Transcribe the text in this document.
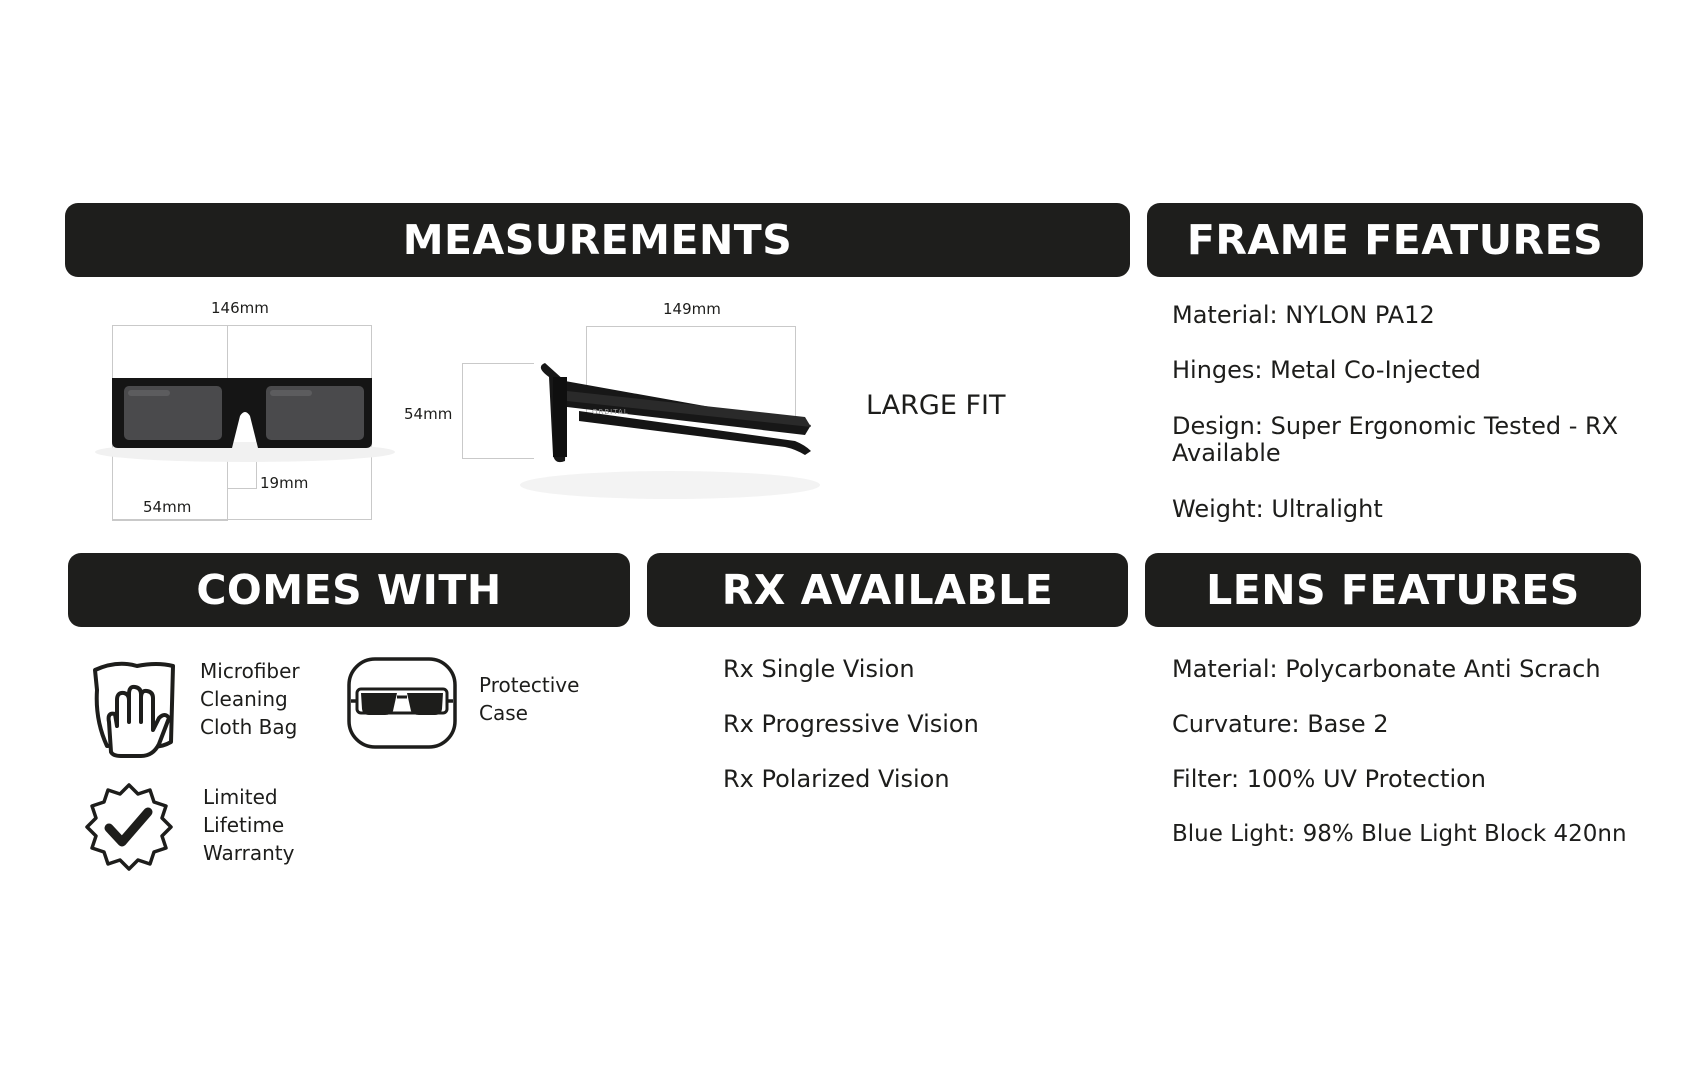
MEASUREMENTS	FRAME FEATURES
COMES WITH	RX AVAILABLE	LENS FEATURES
146mm
54mm
19mm
149mm
54mm	ORBITAL	LARGE FIT
Material: NYLON PA12
Hinges: Metal Co-Injected
Design: Super Ergonomic Tested - RX Available
Weight: Ultralight
Microfiber Cleaning Cloth Bag
Protective Case
Limited Lifetime Warranty
Rx Single Vision
Rx Progressive Vision
Rx Polarized Vision
Material: Polycarbonate Anti Scrach
Curvature: Base 2
Filter: 100% UV Protection
Blue Light: 98% Blue Light Block 420nn
